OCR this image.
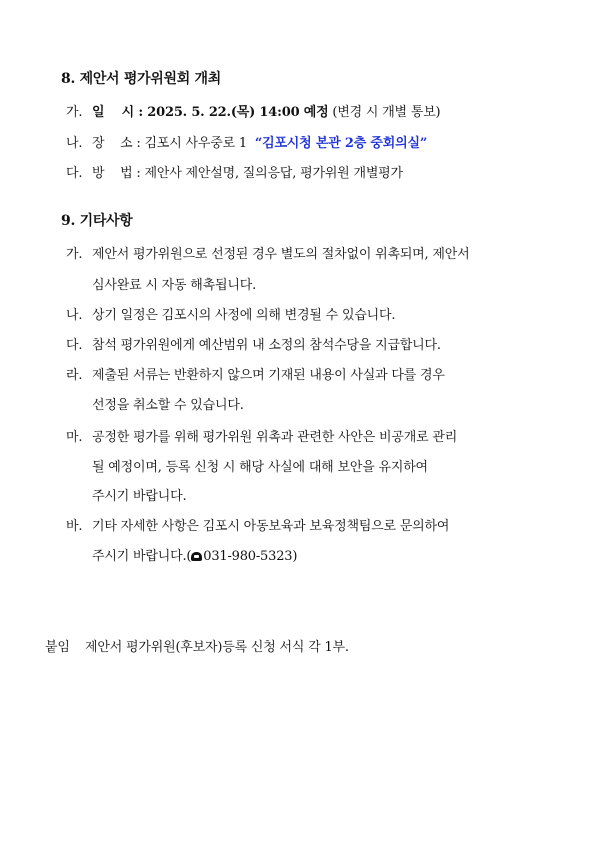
8. 제안서 평가위원회 개최
가. 일    시 : 2025. 5. 22.(목) 14:00 예정 (변경 시 개별 통보)
나. 장    소 : 김포시 사우중로 1  “김포시청 본관 2층 중회의실”
다. 방    법 : 제안사 제안설명, 질의응답, 평가위원 개별평가
9. 기타사항
가. 제안서 평가위원으로 선정된 경우 별도의 절차없이 위촉되며, 제안서
심사완료 시 자동 해촉됩니다.
나. 상기 일정은 김포시의 사정에 의해 변경될 수 있습니다.
다. 참석 평가위원에게 예산범위 내 소정의 참석수당을 지급합니다.
라. 제출된 서류는 반환하지 않으며 기재된 내용이 사실과 다를 경우
선정을 취소할 수 있습니다.
마. 공정한 평가를 위해 평가위원 위촉과 관련한 사안은 비공개로 관리
될 예정이며, 등록 신청 시 해당 사실에 대해 보안을 유지하여
주시기 바랍니다.
바. 기타 자세한 사항은 김포시 아동보육과 보육정책팀으로 문의하여
주시기 바랍니다.( 031-980-5323)
붙임 제안서 평가위원(후보자)등록 신청 서식 각 1부.
